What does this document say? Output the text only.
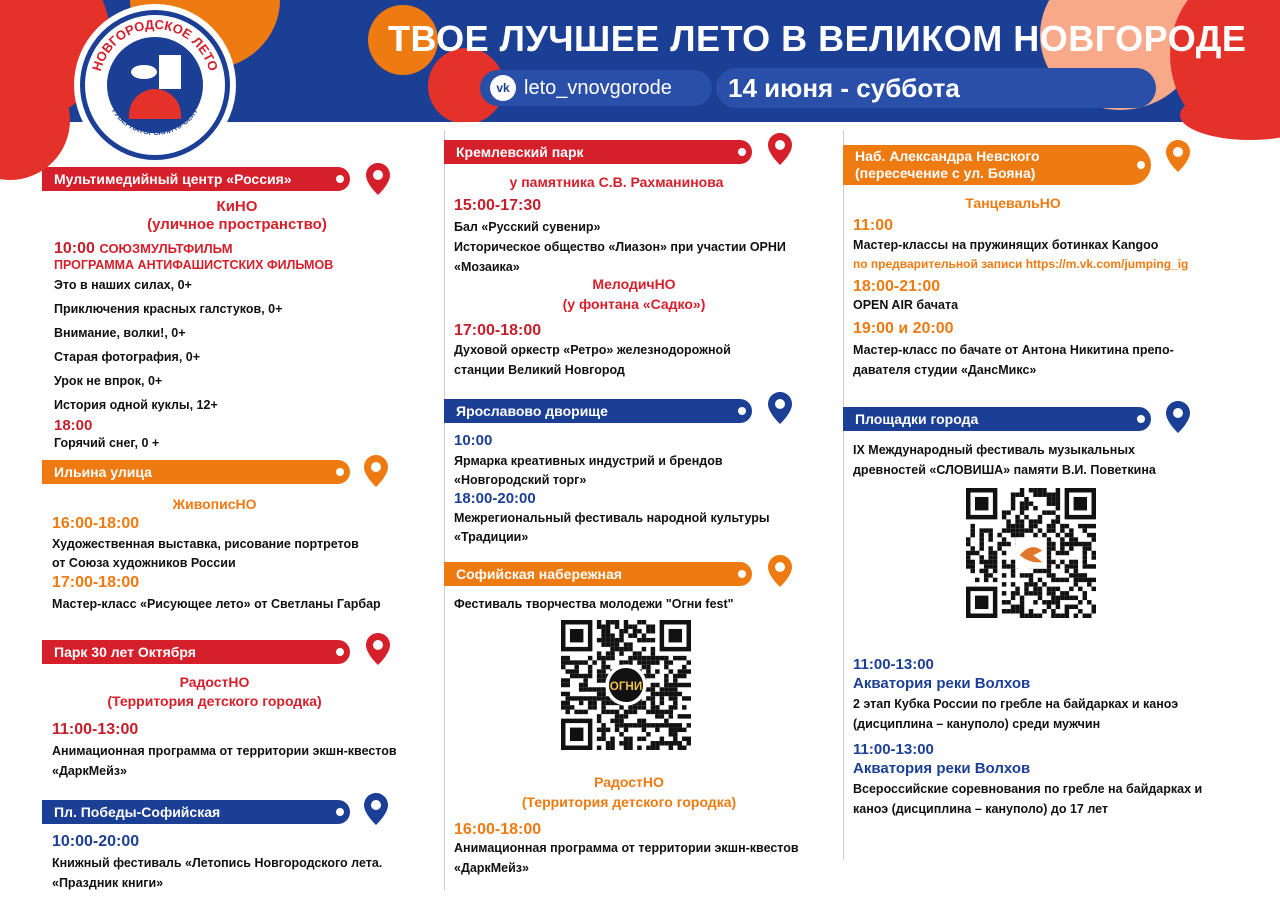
НОВГОРОДСКОЕ ЛЕТО
ГУБЕРНАТОРСКИЙ ПРОЕКТ
ТВОЕ ЛУЧШЕЕ ЛЕТО В ВЕЛИКОМ НОВГОРОДЕ
vk leto_vnovgorode 14 июня - суббота
Мультимедийный центр «Россия»
КиНО
(уличное пространство)
10:00 СОЮЗМУЛЬТФИЛЬМ
ПРОГРАММА АНТИФАШИСТСКИХ ФИЛЬМОВ
Это в наших силах, 0+
Приключения красных галстуков, 0+
Внимание, волки!, 0+
Старая фотография, 0+
Урок не впрок, 0+
История одной куклы, 12+
18:00
Горячий снег, 0 +
Ильина улица
ЖивописНО
16:00-18:00
Художественная выставка, рисование портретов
от Союза художников России
17:00-18:00
Мастер-класс «Рисующее лето» от Светланы Гарбар
Парк 30 лет Октября
РадостНО
(Территория детского городка)
11:00-13:00
Анимационная программа от территории экшн-квестов
«ДаркМейз»
Пл. Победы-Софийская
10:00-20:00
Книжный фестиваль «Летопись Новгородского лета.
«Праздник книги»
Кремлевский парк
у памятника С.В. Рахманинова
15:00-17:30
Бал «Русский сувенир»
Историческое общество «Лиазон» при участии ОРНИ
«Мозаика»
МелодичНО
(у фонтана «Садко»)
17:00-18:00
Духовой оркестр «Ретро» железнодорожной
станции Великий Новгород
Ярославово дворище
10:00
Ярмарка креативных индустрий и брендов
«Новгородский торг»
18:00-20:00
Межрегиональный фестиваль народной культуры
«Традиции»
Софийская набережная
Фестиваль творчества молодежи "Огни fest"
ОГНИ
РадостНО
(Территория детского городка)
16:00-18:00
Анимационная программа от территории экшн-квестов
«ДаркМейз»
Наб. Александра Невского
(пересечение с ул. Бояна)
ТанцевальНО
11:00
Мастер-классы на пружинящих ботинках Kangoo
по предварительной записи https://m.vk.com/jumping_ig
18:00-21:00
OPEN AIR бачата
19:00 и 20:00
Мастер-класс по бачате от Антона Никитина препо-
давателя студии «ДансМикс»
Площадки города
IX Международный фестиваль музыкальных
древностей «СЛОВИША» памяти В.И. Поветкина
11:00-13:00
Акватория реки Волхов
2 этап Кубка России по гребле на байдарках и каноэ
(дисциплина – кануполо) среди мужчин
11:00-13:00
Акватория реки Волхов
Всероссийские соревнования по гребле на байдарках и
каноэ (дисциплина – кануполо) до 17 лет
